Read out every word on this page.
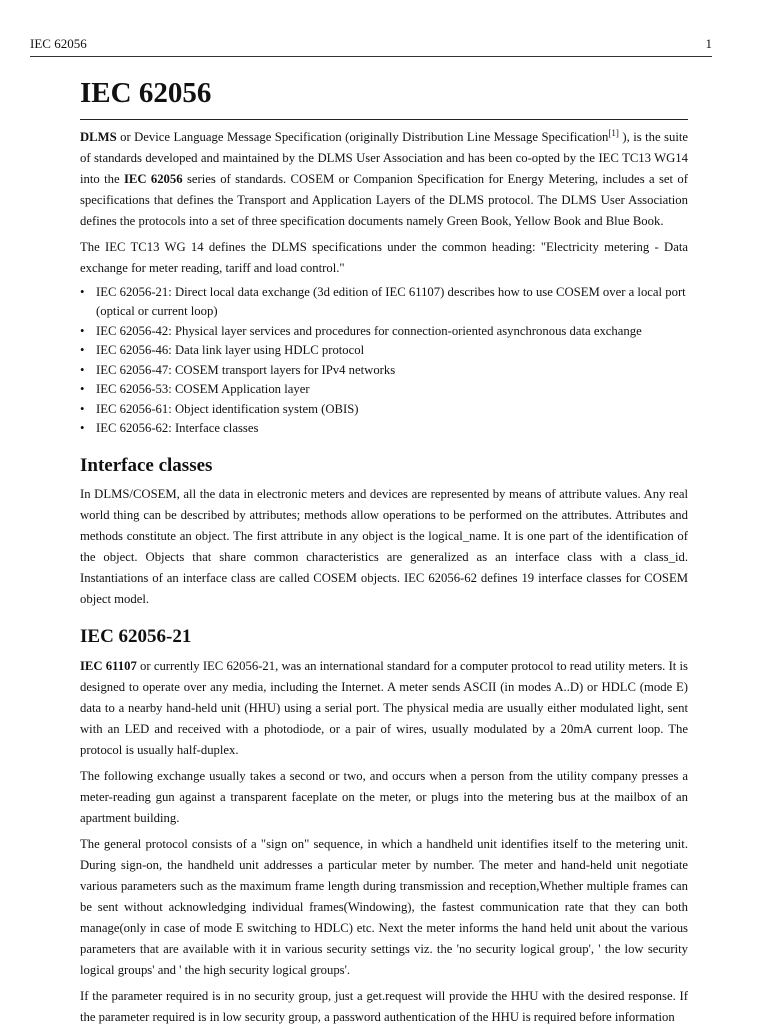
IEC 62056	1
IEC 62056

DLMS or Device Language Message Specification (originally Distribution Line Message Specification[1] ), is the suite of standards developed and maintained by the DLMS User Association and has been co-opted by the IEC TC13 WG14 into the IEC 62056 series of standards. COSEM or Companion Specification for Energy Metering, includes a set of specifications that defines the Transport and Application Layers of the DLMS protocol. The DLMS User Association defines the protocols into a set of three specification documents namely Green Book, Yellow Book and Blue Book.

The IEC TC13 WG 14 defines the DLMS specifications under the common heading: "Electricity metering - Data exchange for meter reading, tariff and load control."

• IEC 62056-21: Direct local data exchange (3d edition of IEC 61107) describes how to use COSEM over a local port (optical or current loop)
• IEC 62056-42: Physical layer services and procedures for connection-oriented asynchronous data exchange
• IEC 62056-46: Data link layer using HDLC protocol
• IEC 62056-47: COSEM transport layers for IPv4 networks
• IEC 62056-53: COSEM Application layer
• IEC 62056-61: Object identification system (OBIS)
• IEC 62056-62: Interface classes
Interface classes

In DLMS/COSEM, all the data in electronic meters and devices are represented by means of attribute values. Any real world thing can be described by attributes; methods allow operations to be performed on the attributes. Attributes and methods constitute an object. The first attribute in any object is the logical_name. It is one part of the identification of the object. Objects that share common characteristics are generalized as an interface class with a class_id. Instantiations of an interface class are called COSEM objects. IEC 62056-62 defines 19 interface classes for COSEM object model.

IEC 62056-21

IEC 61107 or currently IEC 62056-21, was an international standard for a computer protocol to read utility meters. It is designed to operate over any media, including the Internet. A meter sends ASCII (in modes A..D) or HDLC (mode E) data to a nearby hand-held unit (HHU) using a serial port. The physical media are usually either modulated light, sent with an LED and received with a photodiode, or a pair of wires, usually modulated by a 20mA current loop. The protocol is usually half-duplex.

The following exchange usually takes a second or two, and occurs when a person from the utility company presses a meter-reading gun against a transparent faceplate on the meter, or plugs into the metering bus at the mailbox of an apartment building.

The general protocol consists of a "sign on" sequence, in which a handheld unit identifies itself to the metering unit. During sign-on, the handheld unit addresses a particular meter by number. The meter and hand-held unit negotiate various parameters such as the maximum frame length during transmission and reception,Whether multiple frames can be sent without acknowledging individual frames(Windowing), the fastest communication rate that they can both manage(only in case of mode E switching to HDLC) etc. Next the meter informs the hand held unit about the various parameters that are available with it in various security settings viz. the 'no security logical group', ' the low security logical groups' and ' the high security logical groups'.

If the parameter required is in no security group, just a get.request will provide the HHU with the desired response. If the parameter required is in low security group, a password authentication of the HHU is required before information
